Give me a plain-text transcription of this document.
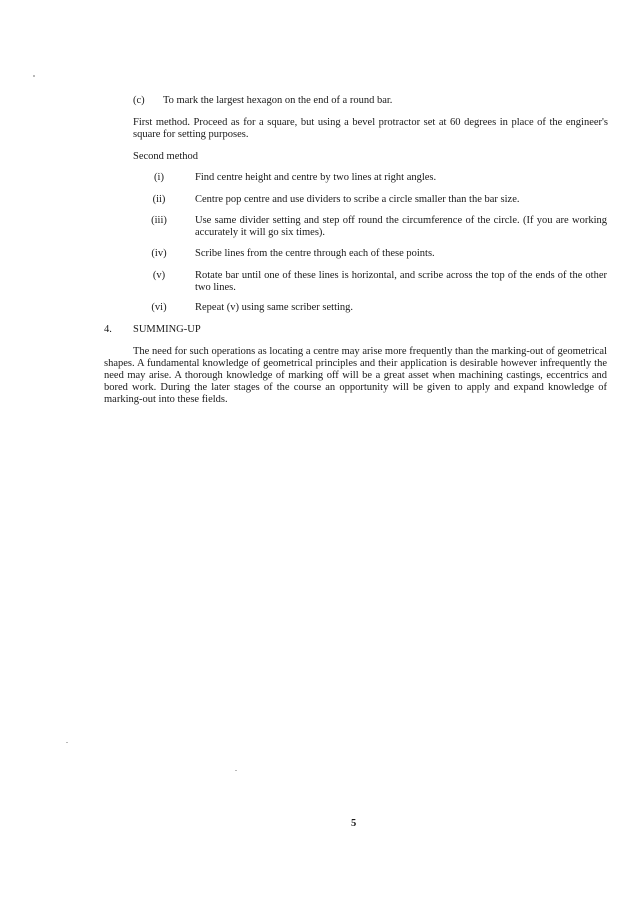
(c) To mark the largest hexagon on the end of a round bar.
First method. Proceed as for a square, but using a bevel protractor set at 60 degrees in place of the engineer's square for setting purposes.
Second method
(i)	Find centre height and centre by two lines at right angles.
(ii)	Centre pop centre and use dividers to scribe a circle smaller than the bar size.
(iii)	Use same divider setting and step off round the circumference of the circle. (If you are working accurately it will go six times).
(iv)	Scribe lines from the centre through each of these points.
(v)	Rotate bar until one of these lines is horizontal, and scribe across the top of the ends of the other two lines.
(vi)	Repeat (v) using same scriber setting.
4. SUMMING-UP
The need for such operations as locating a centre may arise more frequently than the marking-out of geometrical shapes. A fundamental knowledge of geometrical principles and their application is desirable however infrequently the need may arise. A thorough knowledge of marking off will be a great asset when machining castings, eccentrics and bored work. During the later stages of the course an opportunity will be given to apply and expand knowledge of marking-out into these fields.
5
